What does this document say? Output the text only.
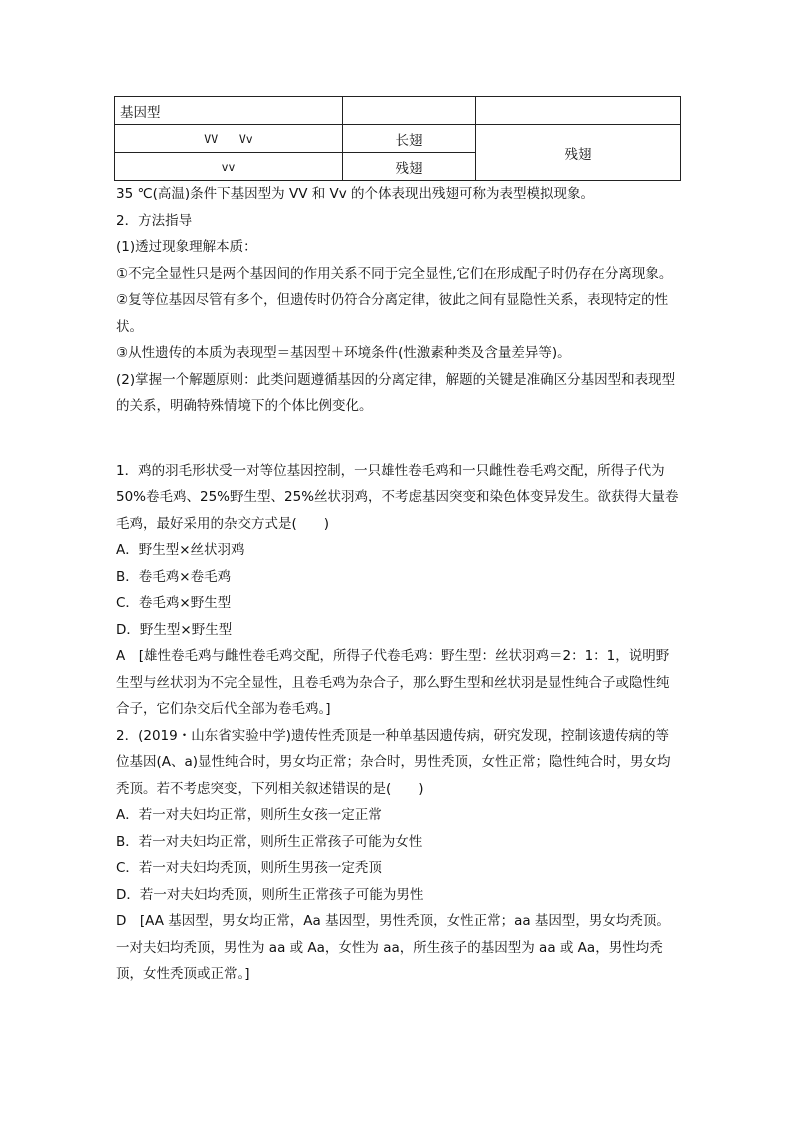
基因型		
VV   Vv	长翅	残翅
vv	残翅	

35 ℃(高温)条件下基因型为 VV 和 Vv 的个体表现出残翅可称为表型模拟现象。

2．方法指导

(1)透过现象理解本质：

①不完全显性只是两个基因间的作用关系不同于完全显性,它们在形成配子时仍存在分离现象。

②复等位基因尽管有多个，但遗传时仍符合分离定律，彼此之间有显隐性关系，表现特定的性状。

③从性遗传的本质为表现型＝基因型＋环境条件(性激素种类及含量差异等)。

(2)掌握一个解题原则：此类问题遵循基因的分离定律，解题的关键是准确区分基因型和表现型的关系，明确特殊情境下的个体比例变化。

1．鸡的羽毛形状受一对等位基因控制，一只雄性卷毛鸡和一只雌性卷毛鸡交配，所得子代为 50%卷毛鸡、25%野生型、25%丝状羽鸡，不考虑基因突变和染色体变异发生。欲获得大量卷毛鸡，最好采用的杂交方式是(　　)

A．野生型×丝状羽鸡

B．卷毛鸡×卷毛鸡

C．卷毛鸡×野生型

D．野生型×野生型

A　[雄性卷毛鸡与雌性卷毛鸡交配，所得子代卷毛鸡：野生型：丝状羽鸡＝2：1：1，说明野生型与丝状羽为不完全显性，且卷毛鸡为杂合子，那么野生型和丝状羽是显性纯合子或隐性纯合子，它们杂交后代全部为卷毛鸡。]

2．(2019・山东省实验中学)遗传性秃顶是一种单基因遗传病，研究发现，控制该遗传病的等位基因(A、a)显性纯合时，男女均正常；杂合时，男性秃顶，女性正常；隐性纯合时，男女均秃顶。若不考虑突变，下列相关叙述错误的是(　　)

A．若一对夫妇均正常，则所生女孩一定正常

B．若一对夫妇均正常，则所生正常孩子可能为女性

C．若一对夫妇均秃顶，则所生男孩一定秃顶

D．若一对夫妇均秃顶，则所生正常孩子可能为男性

D　[AA 基因型，男女均正常，Aa 基因型，男性秃顶，女性正常；aa 基因型，男女均秃顶。一对夫妇均秃顶，男性为 aa 或 Aa，女性为 aa，所生孩子的基因型为 aa 或 Aa，男性均秃顶，女性秃顶或正常。]
